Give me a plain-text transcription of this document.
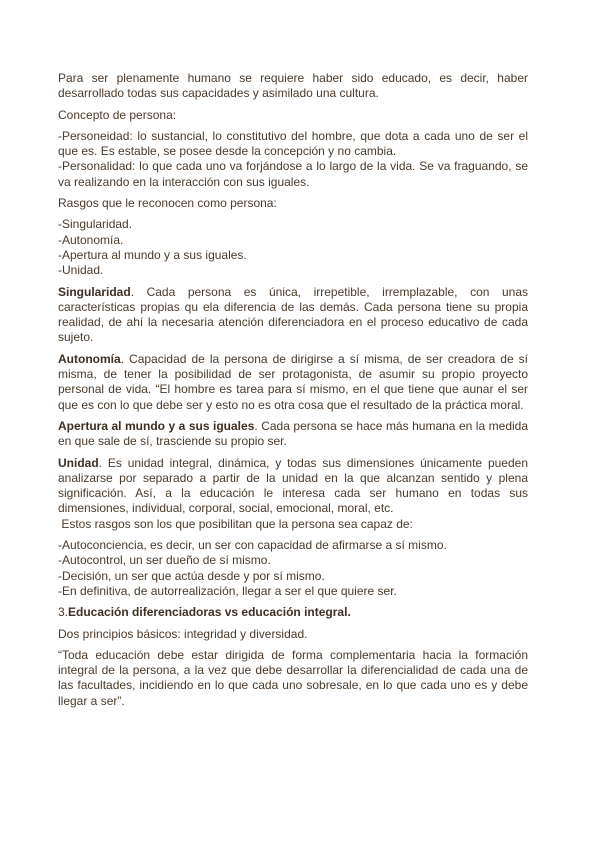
Para ser plenamente humano se requiere haber sido educado, es decir, haber desarrollado todas sus capacidades y asimilado una cultura.

Concepto de persona:

-Personeidad: lo sustancial, lo constitutivo del hombre, que dota a cada uno de ser el que es. Es estable, se posee desde la concepción y no cambia.

-Personalidad: lo que cada uno va forjándose a lo largo de la vida. Se va fraguando, se va realizando en la interacción con sus iguales.

Rasgos que le reconocen como persona:

-Singularidad.
-Autonomía.
-Apertura al mundo y a sus iguales.
-Unidad.

Singularidad. Cada persona es única, irrepetible, irremplazable, con unas características propias qu ela diferencia de las demás. Cada persona tiene su propia realidad, de ahí la necesaria atención diferenciadora en el proceso educativo de cada sujeto.

Autonomía. Capacidad de la persona de dirigirse a sí misma, de ser creadora de sí misma, de tener la posibilidad de ser protagonista, de asumir su propio proyecto personal de vida. “El hombre es tarea para sí mismo, en el que tiene que aunar el ser que es con lo que debe ser y esto no es otra cosa que el resultado de la práctica moral.

Apertura al mundo y a sus iguales. Cada persona se hace más humana en la medida en que sale de sí, trasciende su propio ser.

Unidad. Es unidad integral, dinámica, y todas sus dimensiones únicamente pueden analizarse por separado a partir de la unidad en la que alcanzan sentido y plena significación. Así, a la educación le interesa cada ser humano en todas sus dimensiones, individual, corporal, social, emocional, moral, etc.

Estos rasgos son los que posibilitan que la persona sea capaz de:

-Autoconciencia, es decir, un ser con capacidad de afirmarse a sí mismo.
-Autocontrol, un ser dueño de sí mismo.
-Decisión, un ser que actúa desde y por sí mismo.
-En definitiva, de autorrealización, llegar a ser el que quiere ser.

3.Educación diferenciadoras vs educación integral.

Dos principios básicos: integridad y diversidad.

“Toda educación debe estar dirigida de forma complementaria hacia la formación integral de la persona, a la vez que debe desarrollar la diferencialidad de cada una de las facultades, incidiendo en lo que cada uno sobresale, en lo que cada uno es y debe llegar a ser”.
